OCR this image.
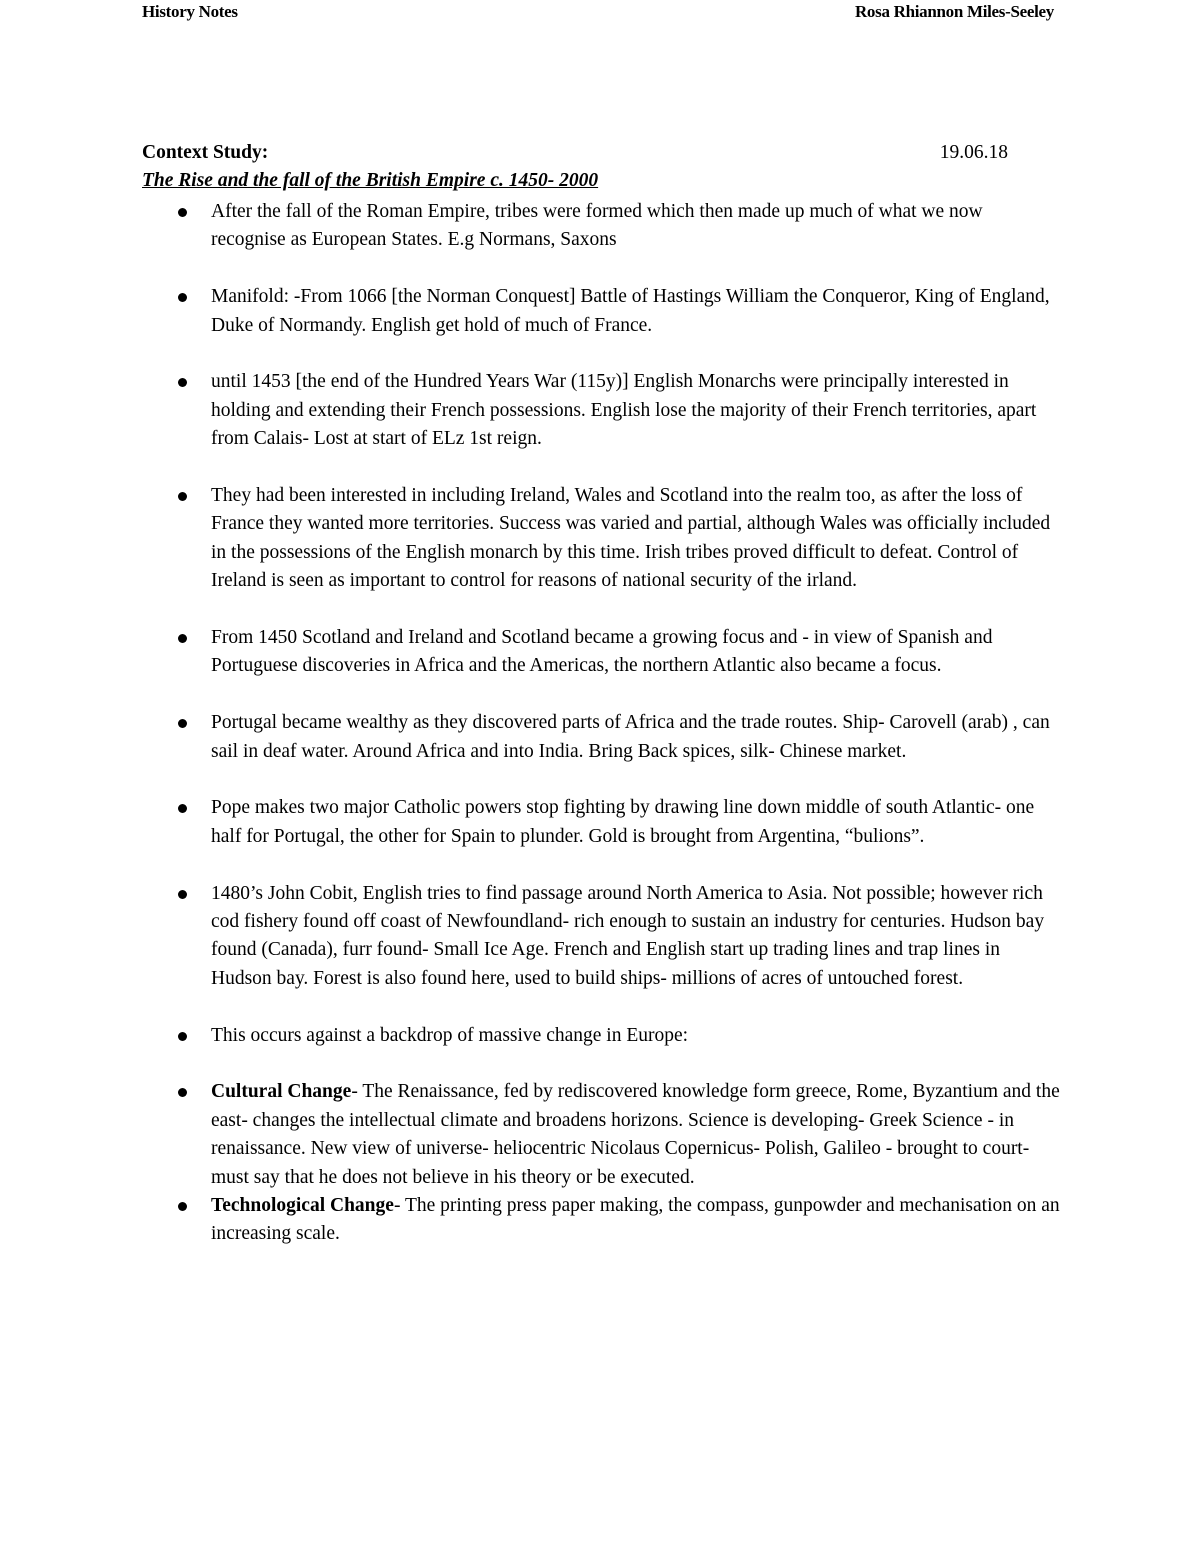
History Notes	Rosa Rhiannon Miles-Seeley
Context Study:	19.06.18
The Rise and the fall of the British Empire c. 1450- 2000
After the fall of the Roman Empire, tribes were formed which then made up much of what we now recognise as European States. E.g Normans, Saxons
Manifold: -From 1066 [the Norman Conquest] Battle of Hastings William the Conqueror, King of England, Duke of Normandy. English get hold of much of France.
until 1453 [the end of the Hundred Years War (115y)] English Monarchs were principally interested in holding and extending their French possessions. English lose the majority of their French territories, apart from Calais- Lost at start of ELz 1st reign.
They had been interested in including Ireland, Wales and Scotland into the realm too, as after the loss of France they wanted more territories. Success was varied and partial, although Wales was officially included in the possessions of the English monarch by this time. Irish tribes proved difficult to defeat. Control of Ireland is seen as important to control for reasons of national security of the irland.
From 1450 Scotland and Ireland and Scotland became a growing focus and - in view of Spanish and Portuguese discoveries in Africa and the Americas, the northern Atlantic also became a focus.
Portugal became wealthy as they discovered parts of Africa and the trade routes. Ship- Carovell (arab) , can sail in deaf water. Around Africa and into India. Bring Back spices, silk- Chinese market.
Pope makes two major Catholic powers stop fighting by drawing line down middle of south Atlantic- one half for Portugal, the other for Spain to plunder. Gold is brought from Argentina, “bulions”.
1480’s John Cobit, English tries to find passage around North America to Asia. Not possible; however rich cod fishery found off coast of Newfoundland- rich enough to sustain an industry for centuries. Hudson bay found (Canada), furr found- Small Ice Age. French and English start up trading lines and trap lines in Hudson bay. Forest is also found here, used to build ships- millions of acres of untouched forest.
This occurs against a backdrop of massive change in Europe:
Cultural Change- The Renaissance, fed by rediscovered knowledge form greece, Rome, Byzantium and the east- changes the intellectual climate and broadens horizons. Science is developing- Greek Science - in renaissance. New view of universe- heliocentric Nicolaus Copernicus- Polish, Galileo - brought to court- must say that he does not believe in his theory or be executed.
Technological Change- The printing press paper making, the compass, gunpowder and mechanisation on an increasing scale.
